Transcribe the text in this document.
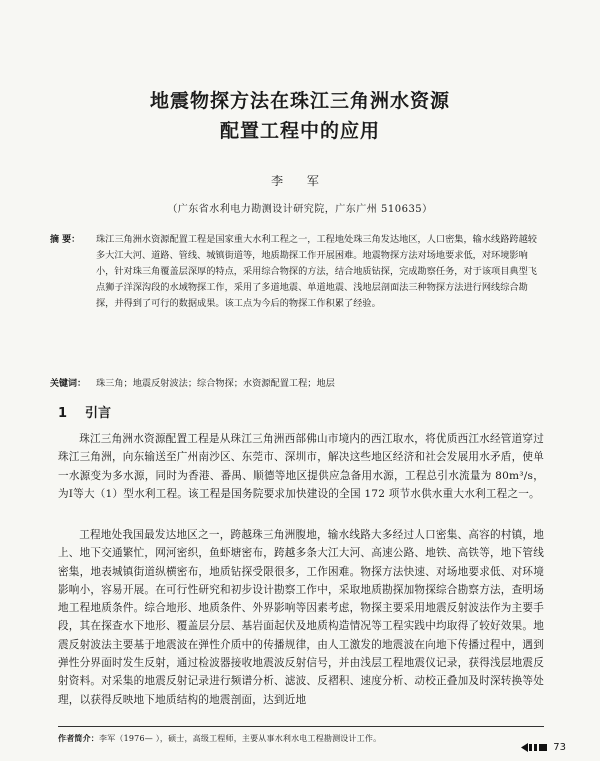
地震物探方法在珠江三角洲水资源
配置工程中的应用
李 军
（广东省水利电力勘测设计研究院，广东广州 510635）
摘 要： 珠江三角洲水资源配置工程是国家重大水利工程之一，工程地处珠三角发达地区，人口密集，输水线路跨越较多大江大河、道路、管线、城镇街道等，地质勘探工作开展困难。地震物探方法对场地要求低，对环境影响小，针对珠三角覆盖层深厚的特点，采用综合物探的方法，结合地质钻探，完成勘察任务，对于该项目典型飞点狮子洋深沟段的水域物探工作，采用了多道地震、单道地震、浅地层剖面法三种物探方法进行网线综合勘探，并得到了可行的数据成果。该工点为今后的物探工作积累了经验。
关键词： 珠三角；地震反射波法；综合物探；水资源配置工程；地层
1 引言
珠江三角洲水资源配置工程是从珠江三角洲西部佛山市境内的西江取水，将优质西江水经管道穿过珠江三角洲，向东输送至广州南沙区、东莞市、深圳市，解决这些地区经济和社会发展用水矛盾，使单一水源变为多水源，同时为香港、番禺、顺德等地区提供应急备用水源，工程总引水流量为 80m³/s，为Ⅰ等大（1）型水利工程。该工程是国务院要求加快建设的全国 172 项节水供水重大水利工程之一。
工程地处我国最发达地区之一，跨越珠三角洲腹地，输水线路大多经过人口密集、高容的村镇，地上、地下交通繁忙，网河密织，鱼虾塘密布，跨越多条大江大河、高速公路、地铁、高铁等，地下管线密集，地表城镇街道纵横密布，地质钻探受限很多，工作困难。物探方法快速、对场地要求低、对环境影响小，容易开展。在可行性研究和初步设计勘察工作中，采取地质勘探加物探综合勘察方法，查明场地工程地质条件。综合地形、地质条件、外界影响等因素考虑，物探主要采用地震反射波法作为主要手段，其在探查水下地形、覆盖层分层、基岩面起伏及地质构造情况等工程实践中均取得了较好效果。地震反射波法主要基于地震波在弹性介质中的传播规律，由人工激发的地震波在向地下传播过程中，遇到弹性分界面时发生反射，通过检波器接收地震波反射信号，并由浅层工程地震仪记录，获得浅层地震反射资料。对采集的地震反射记录进行频谱分析、滤波、反褶积、速度分析、动校正叠加及时深转换等处理，以获得反映地下地质结构的地震剖面，达到近地
作者简介：李军（1976— ），硕士，高级工程师，主要从事水利水电工程勘测设计工作。
73
